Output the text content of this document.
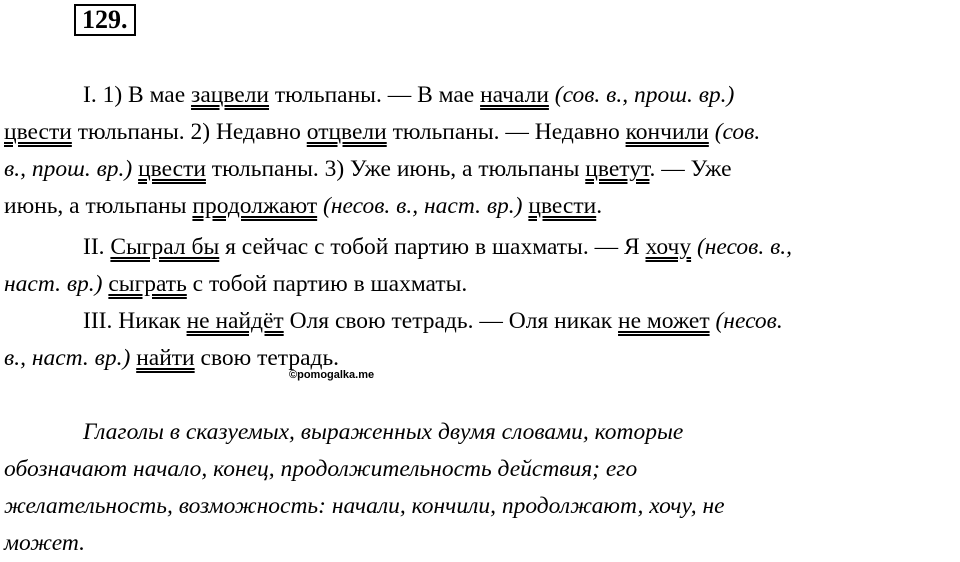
129.
I. 1) В мае зацвели тюльпаны. — В мае начали (сов. в., прош. вр.)
цвести тюльпаны. 2) Недавно отцвели тюльпаны. — Недавно кончили (сов.
в., прош. вр.) цвести тюльпаны. 3) Уже июнь, а тюльпаны цветут. — Уже
июнь, а тюльпаны продолжают (несов. в., наст. вр.) цвести.
II. Сыграл бы я сейчас с тобой партию в шахматы. — Я хочу (несов. в.,
наст. вр.) сыграть с тобой партию в шахматы.
III. Никак не найдёт Оля свою тетрадь. — Оля никак не может (несов.
в., наст. вр.) найти свою тетрадь.
©pomogalka.me
Глаголы в сказуемых, выраженных двумя словами, которые
обозначают начало, конец, продолжительность действия; его
желательность, возможность: начали, кончили, продолжают, хочу, не
может.
